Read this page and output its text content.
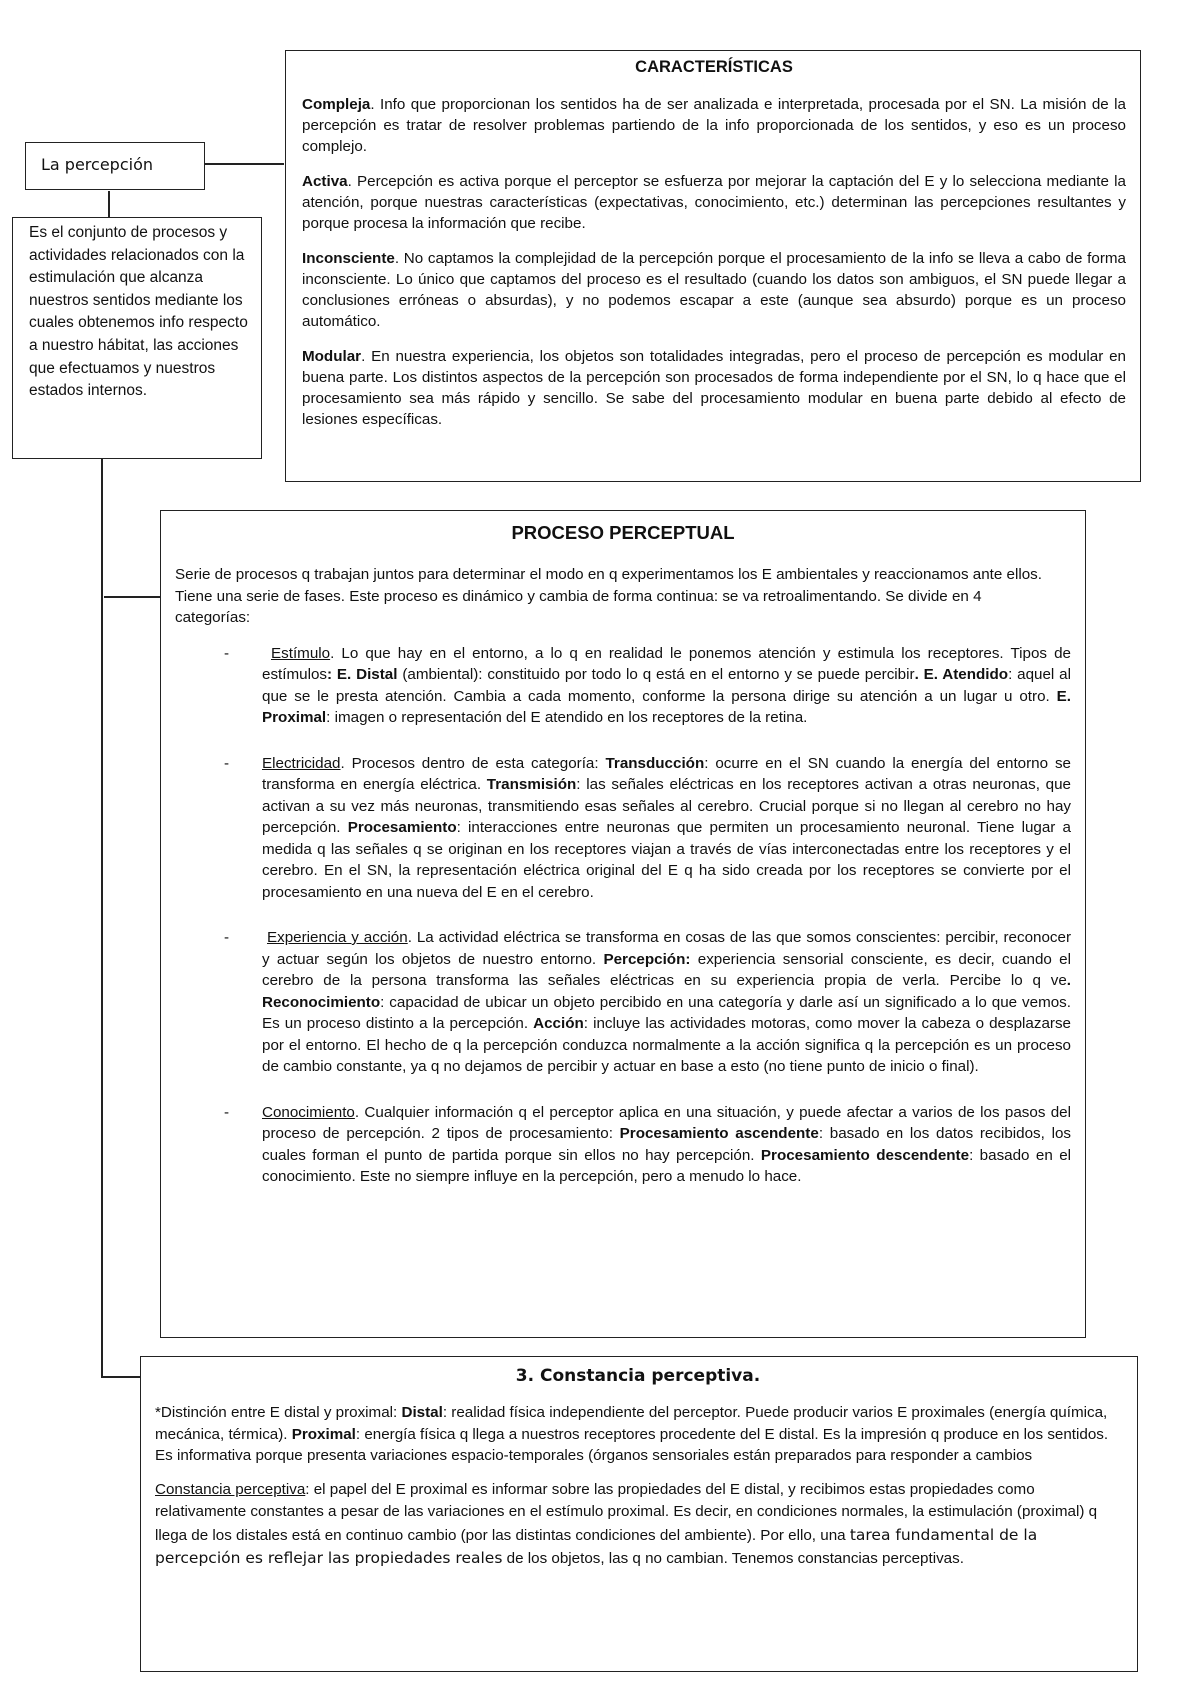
La percepción

Es el conjunto de procesos y actividades relacionados con la estimulación que alcanza nuestros sentidos mediante los cuales obtenemos info respecto a nuestro hábitat, las acciones que efectuamos y nuestros estados internos.

CARACTERÍSTICAS

Compleja. Info que proporcionan los sentidos ha de ser analizada e interpretada, procesada por el SN. La misión de la percepción es tratar de resolver problemas partiendo de la info proporcionada de los sentidos, y eso es un proceso complejo.

Activa. Percepción es activa porque el perceptor se esfuerza por mejorar la captación del E y lo selecciona mediante la atención, porque nuestras características (expectativas, conocimiento, etc.) determinan las percepciones resultantes y porque procesa la información que recibe.

Inconsciente. No captamos la complejidad de la percepción porque el procesamiento de la info se lleva a cabo de forma inconsciente. Lo único que captamos del proceso es el resultado (cuando los datos son ambiguos, el SN puede llegar a conclusiones erróneas o absurdas), y no podemos escapar a este (aunque sea absurdo) porque es un proceso automático.

Modular. En nuestra experiencia, los objetos son totalidades integradas, pero el proceso de percepción es modular en buena parte. Los distintos aspectos de la percepción son procesados de forma independiente por el SN, lo q hace que el procesamiento sea más rápido y sencillo. Se sabe del procesamiento modular en buena parte debido al efecto de lesiones específicas.

PROCESO PERCEPTUAL

Serie de procesos q trabajan juntos para determinar el modo en q experimentamos los E ambientales y reaccionamos ante ellos. Tiene una serie de fases. Este proceso es dinámico y cambia de forma continua: se va retroalimentando. Se divide en 4 categorías:

-	Estímulo. Lo que hay en el entorno, a lo q en realidad le ponemos atención y estimula los receptores. Tipos de estímulos: E. Distal (ambiental): constituido por todo lo q está en el entorno y se puede percibir. E. Atendido: aquel al que se le presta atención. Cambia a cada momento, conforme la persona dirige su atención a un lugar u otro. E. Proximal: imagen o representación del E atendido en los receptores de la retina.
- Electricidad. Procesos dentro de esta categoría: Transducción: ocurre en el SN cuando la energía del entorno se transforma en energía eléctrica. Transmisión: las señales eléctricas en los receptores activan a otras neuronas, que activan a su vez más neuronas, transmitiendo esas señales al cerebro. Crucial porque si no llegan al cerebro no hay percepción. Procesamiento: interacciones entre neuronas que permiten un procesamiento neuronal. Tiene lugar a medida q las señales q se originan en los receptores viajan a través de vías interconectadas entre los receptores y el cerebro. En el SN, la representación eléctrica original del E q ha sido creada por los receptores se convierte por el procesamiento en una nueva del E en el cerebro.
- Experiencia y acción. La actividad eléctrica se transforma en cosas de las que somos conscientes: percibir, reconocer y actuar según los objetos de nuestro entorno. Percepción: experiencia sensorial consciente, es decir, cuando el cerebro de la persona transforma las señales eléctricas en su experiencia propia de verla. Percibe lo q ve. Reconocimiento: capacidad de ubicar un objeto percibido en una categoría y darle así un significado a lo que vemos. Es un proceso distinto a la percepción. Acción: incluye las actividades motoras, como mover la cabeza o desplazarse por el entorno. El hecho de q la percepción conduzca normalmente a la acción significa q la percepción es un proceso de cambio constante, ya q no dejamos de percibir y actuar en base a esto (no tiene punto de inicio o final).
- Conocimiento. Cualquier información q el perceptor aplica en una situación, y puede afectar a varios de los pasos del proceso de percepción. 2 tipos de procesamiento: Procesamiento ascendente: basado en los datos recibidos, los cuales forman el punto de partida porque sin ellos no hay percepción. Procesamiento descendente: basado en el conocimiento. Este no siempre influye en la percepción, pero a menudo lo hace.
3. Constancia perceptiva.

*Distinción entre E distal y proximal: Distal: realidad física independiente del perceptor. Puede producir varios E proximales (energía química, mecánica, térmica). Proximal: energía física q llega a nuestros receptores procedente del E distal. Es la impresión q produce en los sentidos. Es informativa porque presenta variaciones espacio-temporales (órganos sensoriales están preparados para responder a cambios

Constancia perceptiva: el papel del E proximal es informar sobre las propiedades del E distal, y recibimos estas propiedades como relativamente constantes a pesar de las variaciones en el estímulo proximal. Es decir, en condiciones normales, la estimulación (proximal) q llega de los distales está en continuo cambio (por las distintas condiciones del ambiente). Por ello, una tarea fundamental de la percepción es reflejar las propiedades reales de los objetos, las q no cambian. Tenemos constancias perceptivas.
